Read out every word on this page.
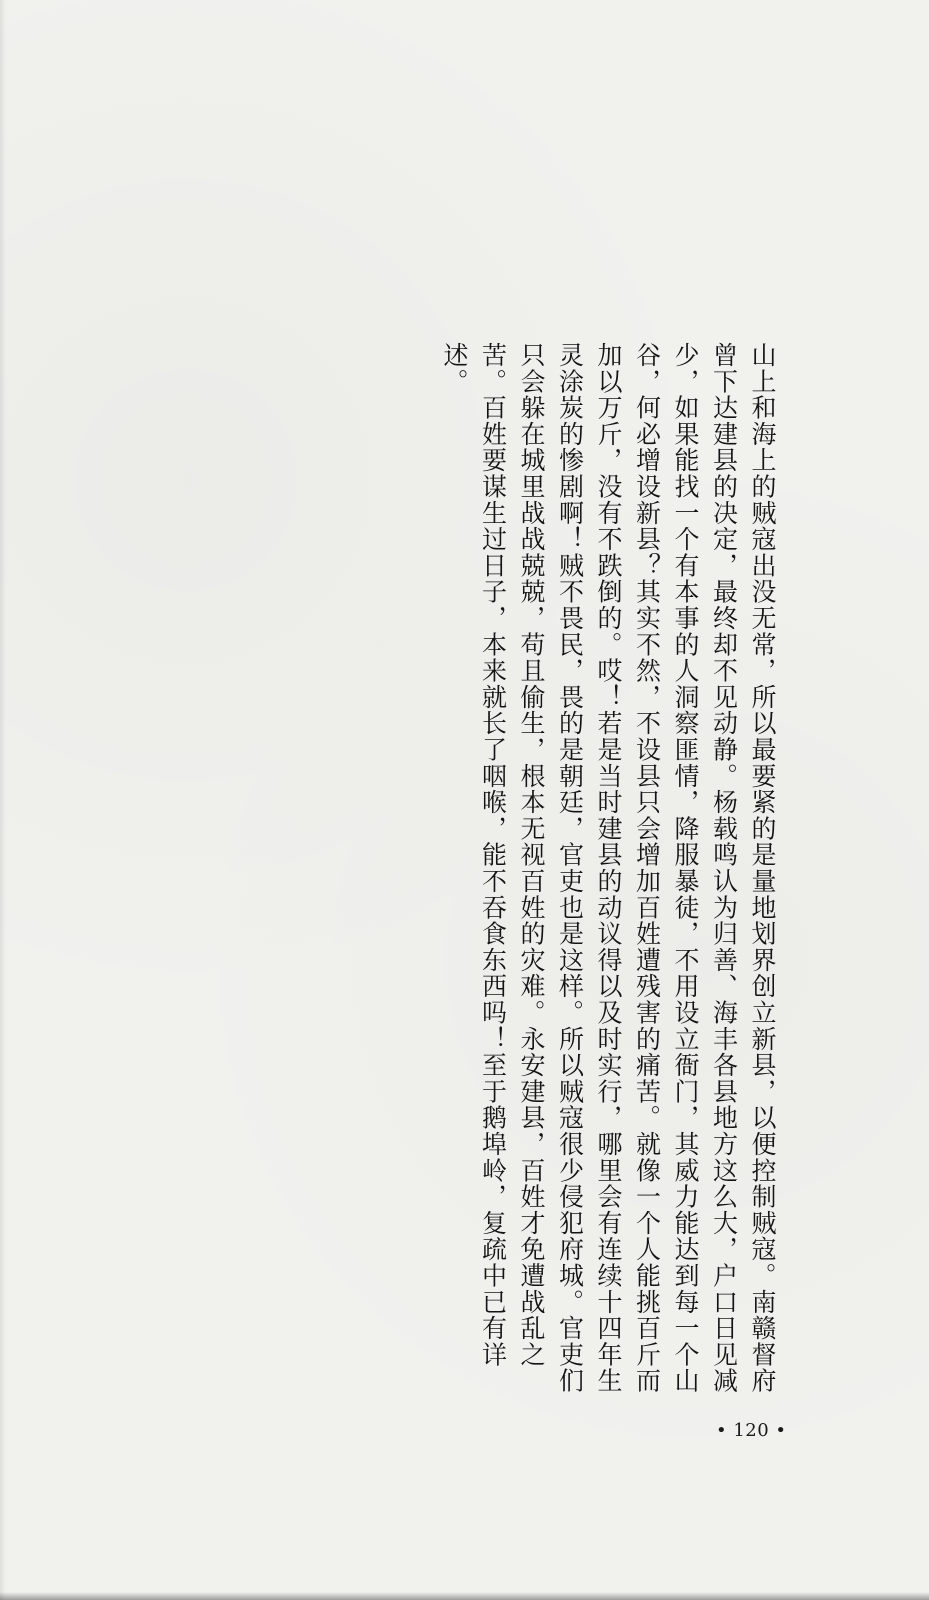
山上和海上的贼寇出没无常，所以最要紧的是量地划界创立新县，以便控制贼寇。南赣督府曾下达建县的决定，最终却不见动静。杨载鸣认为归善、海丰各县地方这么大，户口日见减少，如果能找一个有本事的人洞察匪情，降服暴徒，不用设立衙门，其威力能达到每一个山谷，何必增设新县？其实不然，不设县只会增加百姓遭残害的痛苦。就像一个人能挑百斤而加以万斤，没有不跌倒的。哎！若是当时建县的动议得以及时实行，哪里会有连续十四年生灵涂炭的惨剧啊！贼不畏民，畏的是朝廷，官吏也是这样。所以贼寇很少侵犯府城。官吏们只会躲在城里战战兢兢，苟且偷生，根本无视百姓的灾难。永安建县，百姓才免遭战乱之苦。百姓要谋生过日子，本来就长了咽喉，能不吞食东西吗！至于鹅埠岭，复疏中已有详述。

• 120 •
